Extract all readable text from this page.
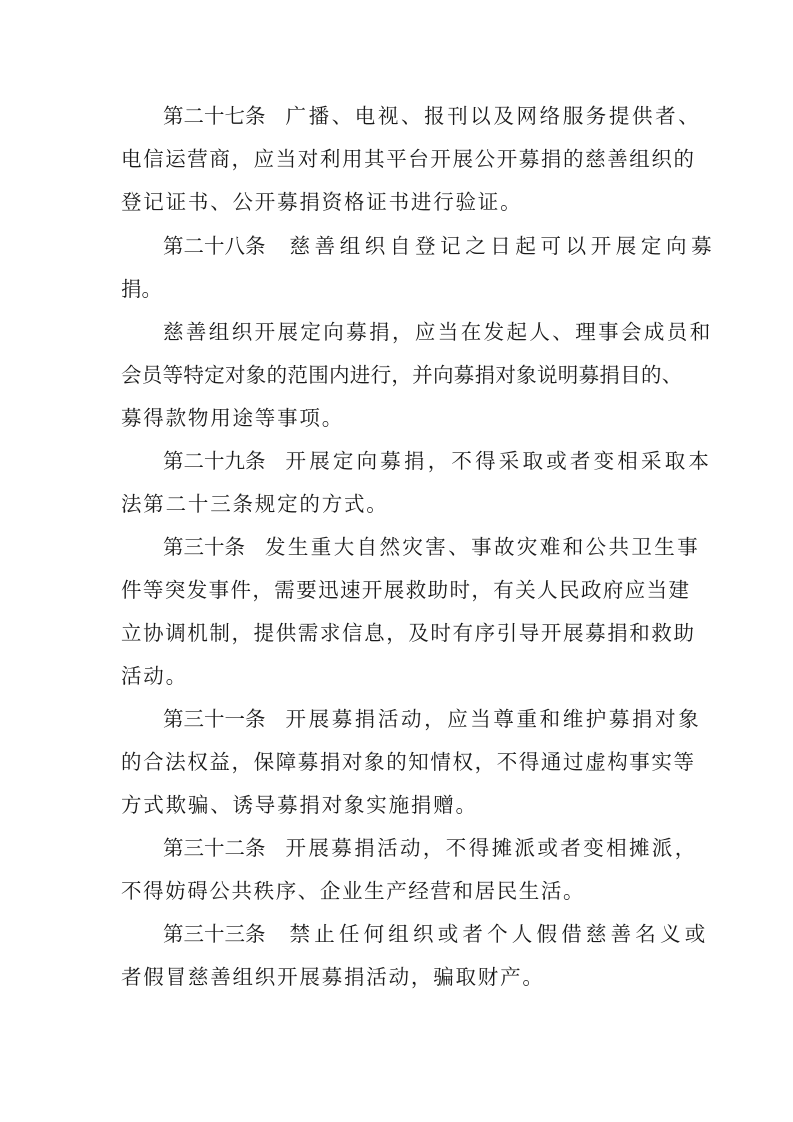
第二十七条 广播、电视、报刊以及网络服务提供者、
电信运营商，应当对利用其平台开展公开募捐的慈善组织的
登记证书、公开募捐资格证书进行验证。
第二十八条 慈善组织自登记之日起可以开展定向募
捐。
慈善组织开展定向募捐，应当在发起人、理事会成员和
会员等特定对象的范围内进行，并向募捐对象说明募捐目的、
募得款物用途等事项。
第二十九条 开展定向募捐，不得采取或者变相采取本
法第二十三条规定的方式。
第三十条 发生重大自然灾害、事故灾难和公共卫生事
件等突发事件，需要迅速开展救助时，有关人民政府应当建
立协调机制，提供需求信息，及时有序引导开展募捐和救助
活动。
第三十一条 开展募捐活动，应当尊重和维护募捐对象
的合法权益，保障募捐对象的知情权，不得通过虚构事实等
方式欺骗、诱导募捐对象实施捐赠。
第三十二条 开展募捐活动，不得摊派或者变相摊派，
不得妨碍公共秩序、企业生产经营和居民生活。
第三十三条 禁止任何组织或者个人假借慈善名义或
者假冒慈善组织开展募捐活动，骗取财产。
